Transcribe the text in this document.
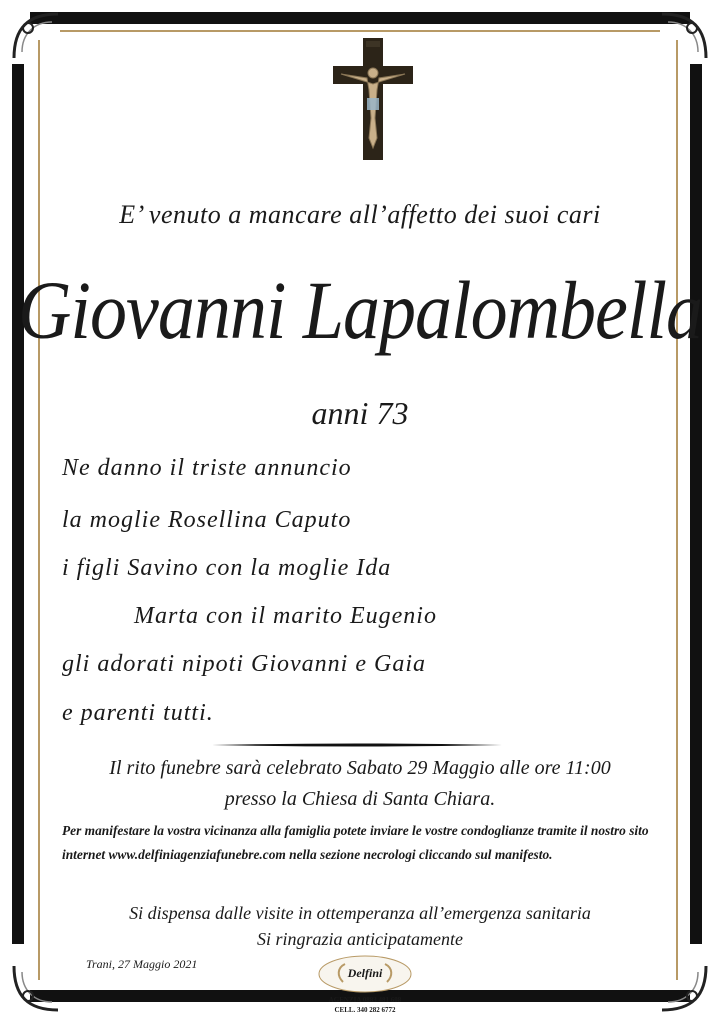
E’ venuto a mancare all’affetto dei suoi cari
Giovanni Lapalombella
anni 73
Ne danno il triste annuncio
la moglie Rosellina Caputo
i figli Savino con la moglie Ida
Marta con il marito Eugenio
gli adorati nipoti Giovanni e Gaia
e parenti tutti.
Il rito funebre sarà celebrato Sabato 29 Maggio alle ore 11:00
presso la Chiesa di Santa Chiara.
Per manifestare la vostra vicinanza alla famiglia potete inviare le vostre condoglianze tramite il nostro sito internet www.delfiniagenziafunebre.com nella sezione necrologi cliccando sul manifesto.
Si dispensa dalle visite in ottemperanza all’emergenza sanitaria
Si ringrazia anticipatamente
Trani, 27 Maggio 2021
Delfini
AGENZIA 0883 481 608
CELL. 340 282 6772
